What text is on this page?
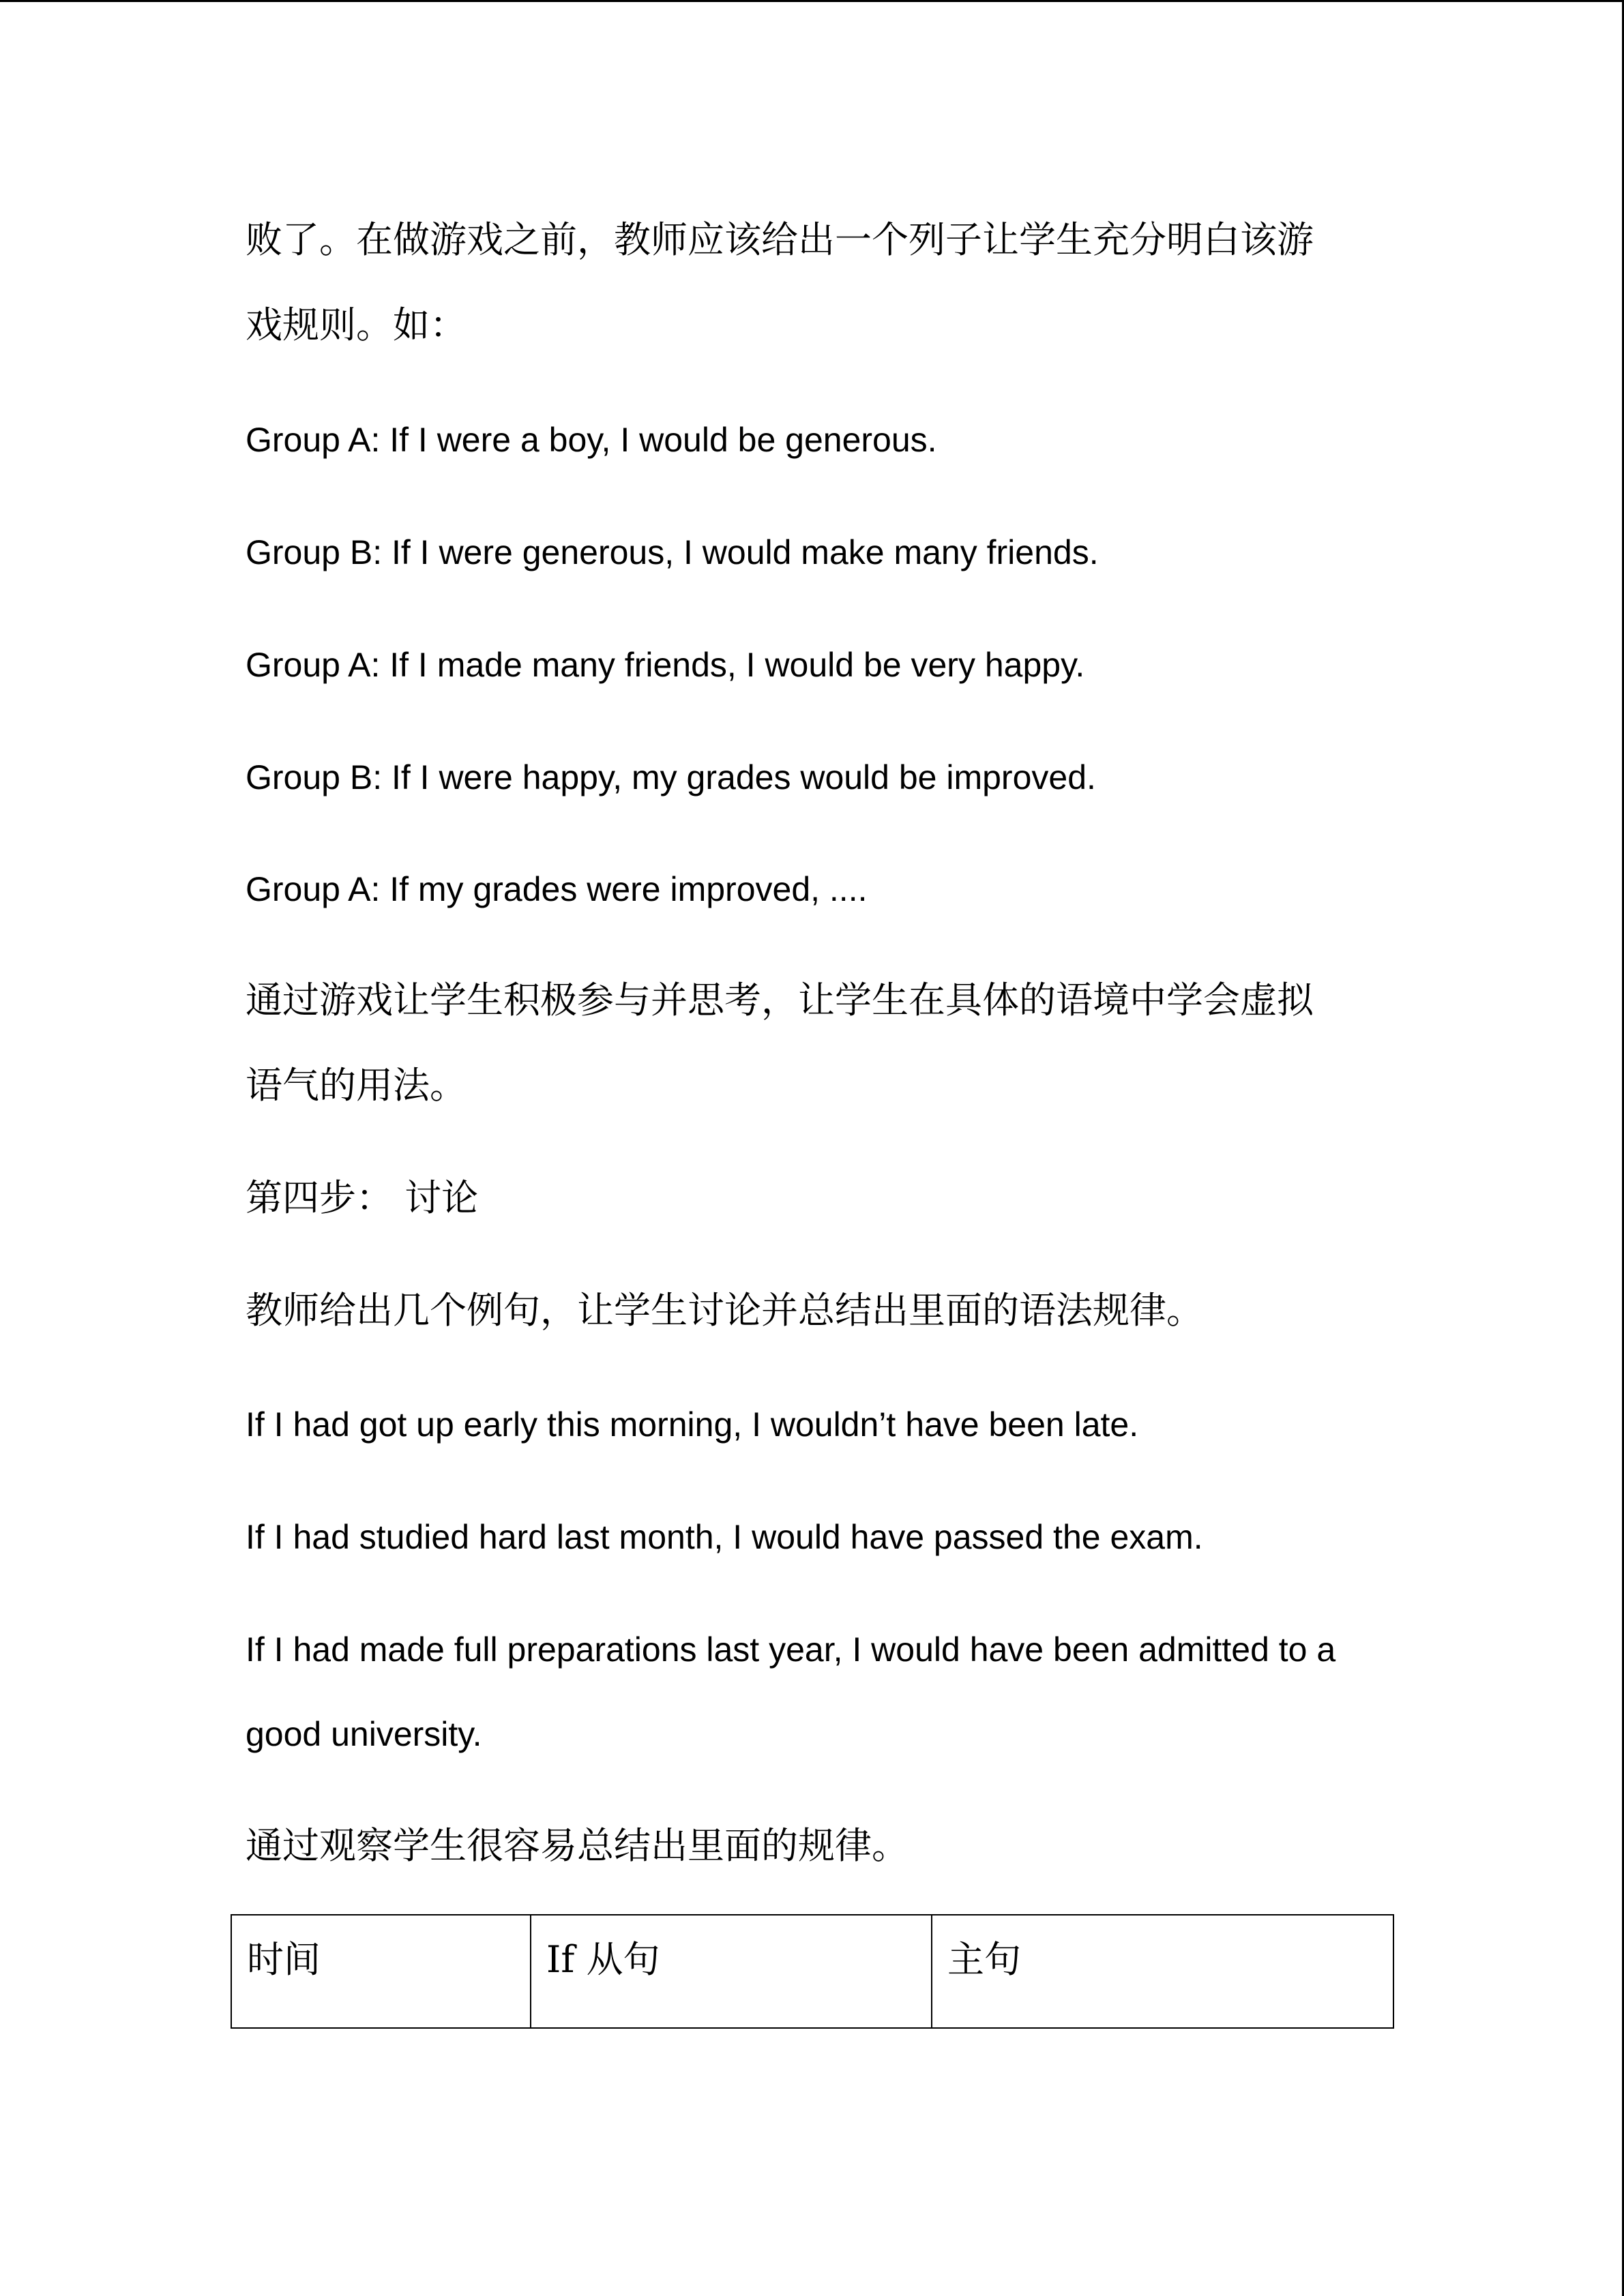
败了。在做游戏之前，教师应该给出一个列子让学生充分明白该游
戏规则。如：
Group A: If I were a boy, I would be generous.
Group B: If I were generous, I would make many friends.
Group A: If I made many friends, I would be very happy.
Group B: If I were happy, my grades would be improved.
Group A: If my grades were improved, ....
通过游戏让学生积极参与并思考，让学生在具体的语境中学会虚拟
语气的用法。
第四步： 讨论
教师给出几个例句，让学生讨论并总结出里面的语法规律。
If I had got up early this morning, I wouldn’t have been late.
If I had studied hard last month, I would have passed the exam.
If I had made full preparations last year, I would have been admitted to a
good university.
通过观察学生很容易总结出里面的规律。
时间	If 从句	主句
